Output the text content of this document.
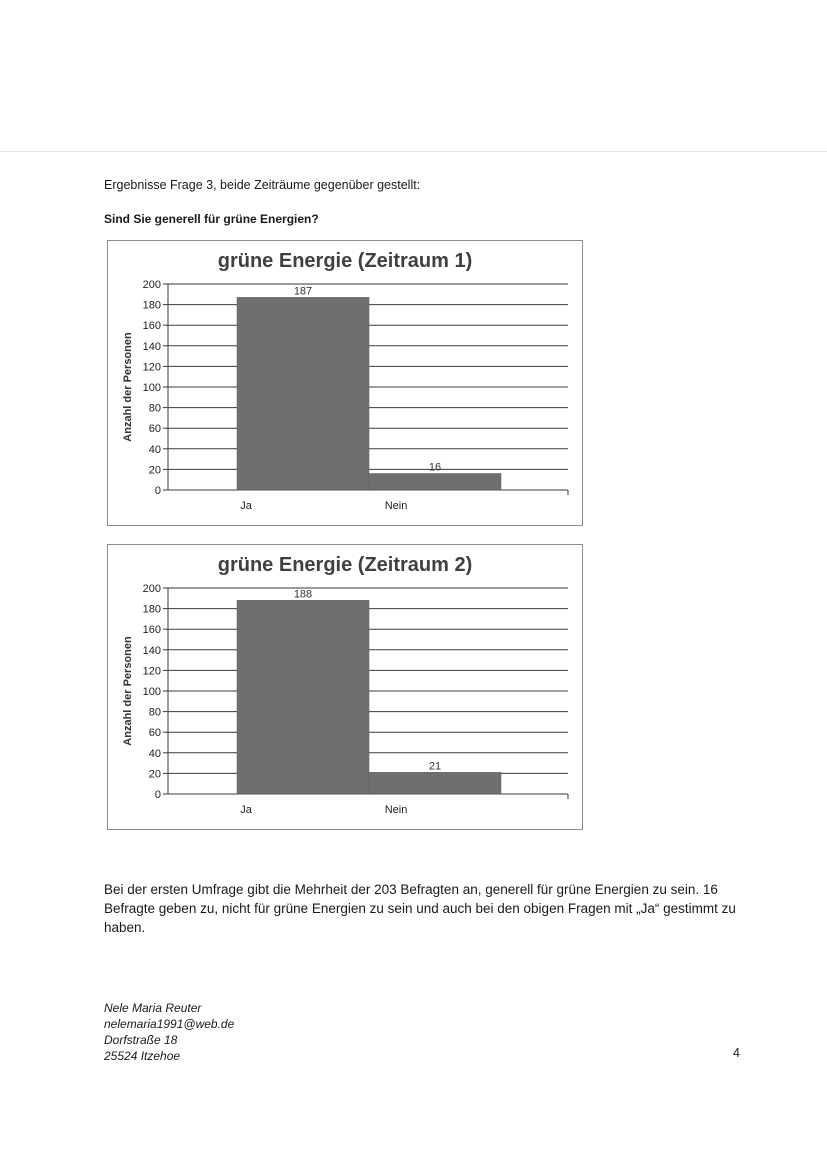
Ergebnisse Frage 3, beide Zeiträume gegenüber gestellt:
Sind Sie generell für grüne Energien?
grüne Energie (Zeitraum 1)
Anzahl der Personen
0
20
40
60
80
100
120
140
160
180
200
187
Ja
16
Nein
grüne Energie (Zeitraum 2)
Anzahl der Personen
0
20
40
60
80
100
120
140
160
180
200	188
Ja
21
Nein
Bei der ersten Umfrage gibt die Mehrheit der 203 Befragten an, generell für grüne Energien zu sein. 16 Befragte geben zu, nicht für grüne Energien zu sein und auch bei den obigen Fragen mit „Ja“ gestimmt zu haben.
Nele Maria Reuter
nelemaria1991@web.de
Dorfstraße 18
25524 Itzehoe	4
